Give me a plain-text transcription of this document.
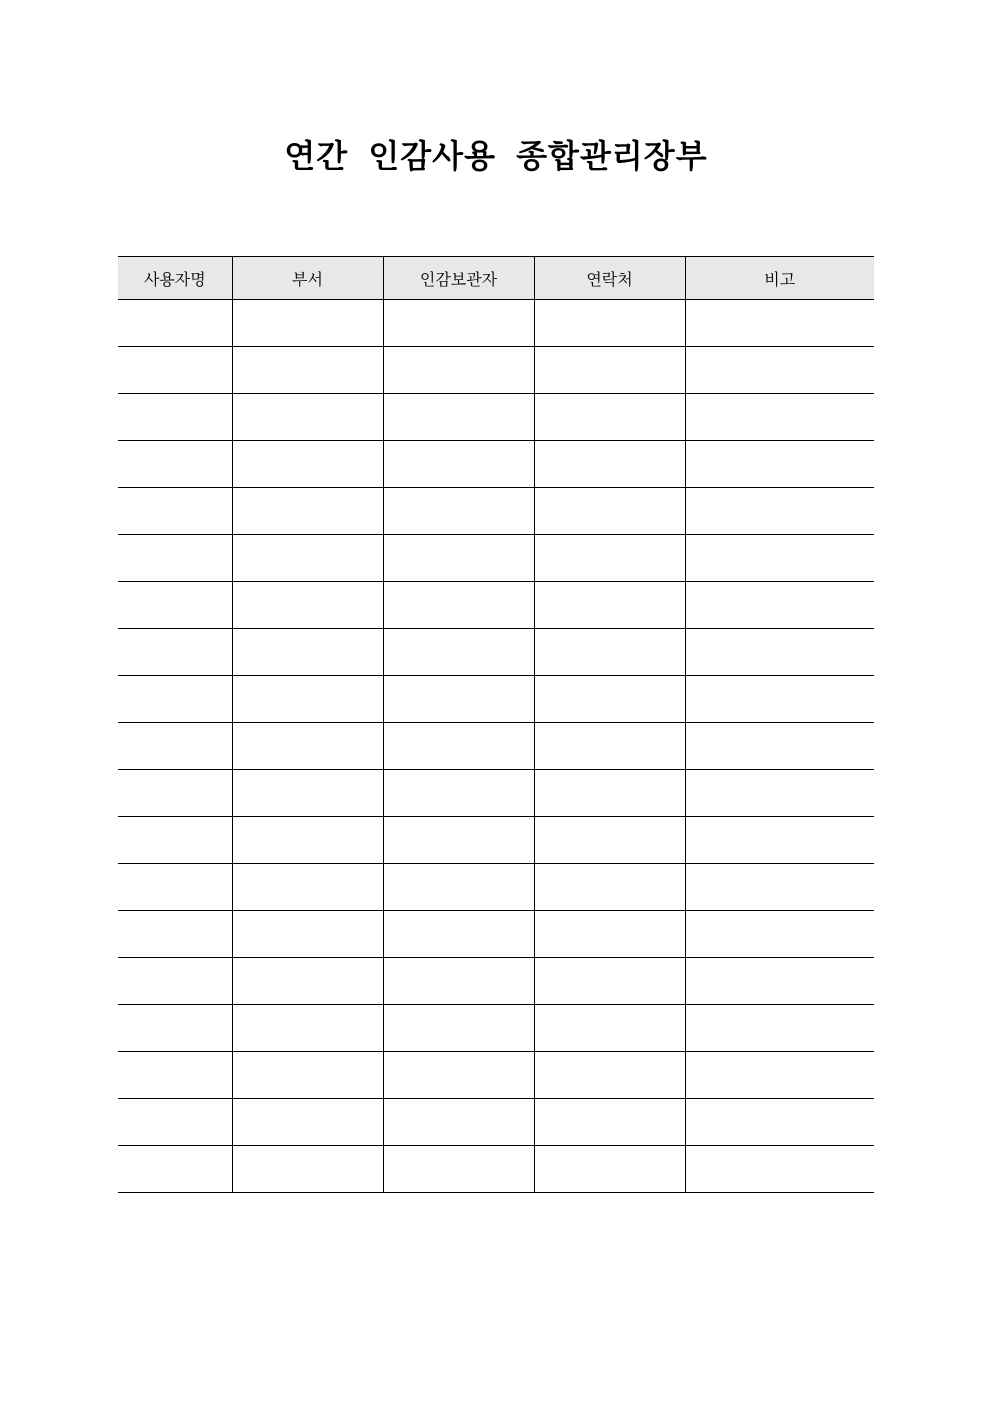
연간 인감사용 종합관리장부
사용자명	부서	인감보관자	연락처	비고
